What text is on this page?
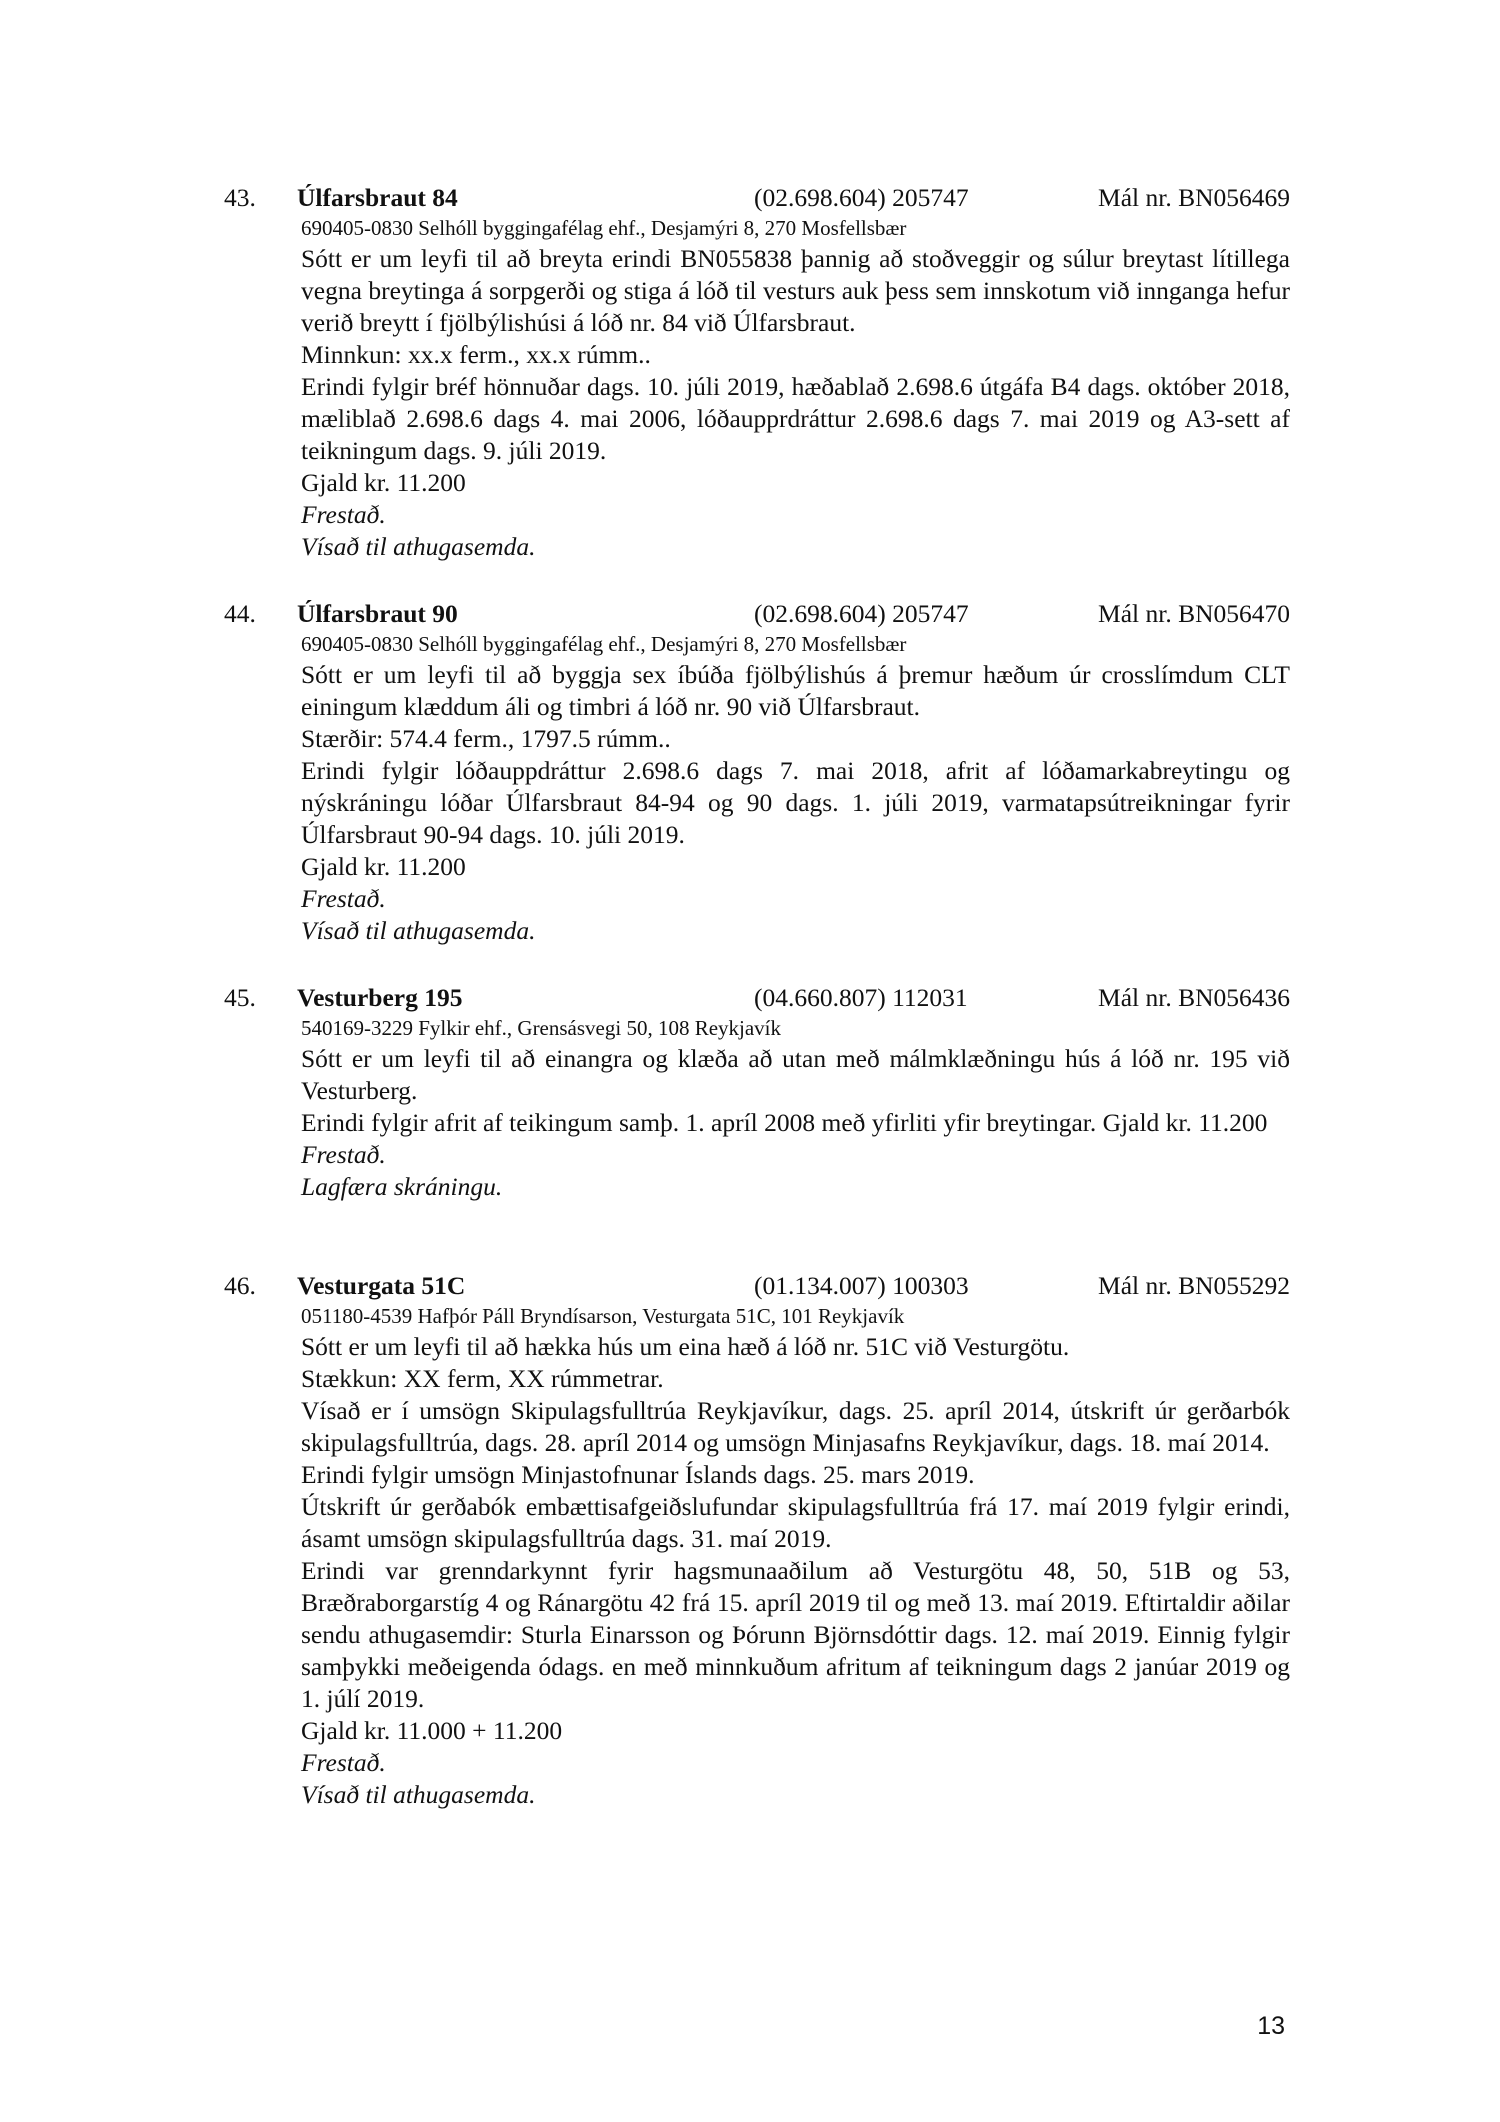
43. Úlfarsbraut 84	(02.698.604) 205747	Mál nr. BN056469
690405-0830 Selhóll byggingafélag ehf., Desjamýri 8, 270 Mosfellsbær

Sótt er um leyfi til að breyta erindi BN055838 þannig að stoðveggir og súlur breytast lítillega vegna breytinga á sorpgerði og stiga á lóð til vesturs auk þess sem innskotum við innganga hefur verið breytt í fjölbýlishúsi á lóð nr. 84 við Úlfarsbraut.

Minnkun: xx.x ferm., xx.x rúmm..

Erindi fylgir bréf hönnuðar dags. 10. júli 2019, hæðablað 2.698.6 útgáfa B4 dags. október 2018, mæliblað 2.698.6 dags 4. mai 2006, lóðaupprdráttur 2.698.6 dags 7. mai 2019 og A3-sett af teikningum dags. 9. júli 2019.

Gjald kr. 11.200

Frestað.

Vísað til athugasemda.

44. Úlfarsbraut 90	(02.698.604) 205747	Mál nr. BN056470
690405-0830 Selhóll byggingafélag ehf., Desjamýri 8, 270 Mosfellsbær

Sótt er um leyfi til að byggja sex íbúða fjölbýlishús á þremur hæðum úr crosslímdum CLT einingum klæddum áli og timbri á lóð nr. 90 við Úlfarsbraut.

Stærðir: 574.4 ferm., 1797.5 rúmm..

Erindi fylgir lóðauppdráttur 2.698.6 dags 7. mai 2018, afrit af lóðamarkabreytingu og nýskráningu lóðar Úlfarsbraut 84-94 og 90 dags. 1. júli 2019, varmatapsútreikningar fyrir Úlfarsbraut 90-94 dags. 10. júli 2019.

Gjald kr. 11.200

Frestað.

Vísað til athugasemda.

45. Vesturberg 195	(04.660.807) 112031	Mál nr. BN056436
540169-3229 Fylkir ehf., Grensásvegi 50, 108 Reykjavík

Sótt er um leyfi til að einangra og klæða að utan með málmklæðningu hús á lóð nr. 195 við Vesturberg.

Erindi fylgir afrit af teikingum samþ. 1. apríl 2008 með yfirliti yfir breytingar. Gjald kr. 11.200

Frestað.

Lagfæra skráningu.

46. Vesturgata 51C	(01.134.007) 100303	Mál nr. BN055292
051180-4539 Hafþór Páll Bryndísarson, Vesturgata 51C, 101 Reykjavík

Sótt er um leyfi til að hækka hús um eina hæð á lóð nr. 51C við Vesturgötu.

Stækkun: XX ferm, XX rúmmetrar.

Vísað er í umsögn Skipulagsfulltrúa Reykjavíkur, dags. 25. apríl 2014, útskrift úr gerðarbók skipulagsfulltrúa, dags. 28. apríl 2014 og umsögn Minjasafns Reykjavíkur, dags. 18. maí 2014.

Erindi fylgir umsögn Minjastofnunar Íslands dags. 25. mars 2019.

Útskrift úr gerðabók embættisafgeiðslufundar skipulagsfulltrúa frá 17. maí 2019 fylgir erindi, ásamt umsögn skipulagsfulltrúa dags. 31. maí 2019.

Erindi var grenndarkynnt fyrir hagsmunaaðilum að Vesturgötu 48, 50, 51B og 53, Bræðraborgarstíg 4 og Ránargötu 42 frá 15. apríl 2019 til og með 13. maí 2019. Eftirtaldir aðilar sendu athugasemdir: Sturla Einarsson og Þórunn Björnsdóttir dags. 12. maí 2019. Einnig fylgir samþykki meðeigenda ódags. en með minnkuðum afritum af teikningum dags 2 janúar 2019 og 1. júlí 2019.

Gjald kr. 11.000 + 11.200

Frestað.

Vísað til athugasemda.

13
